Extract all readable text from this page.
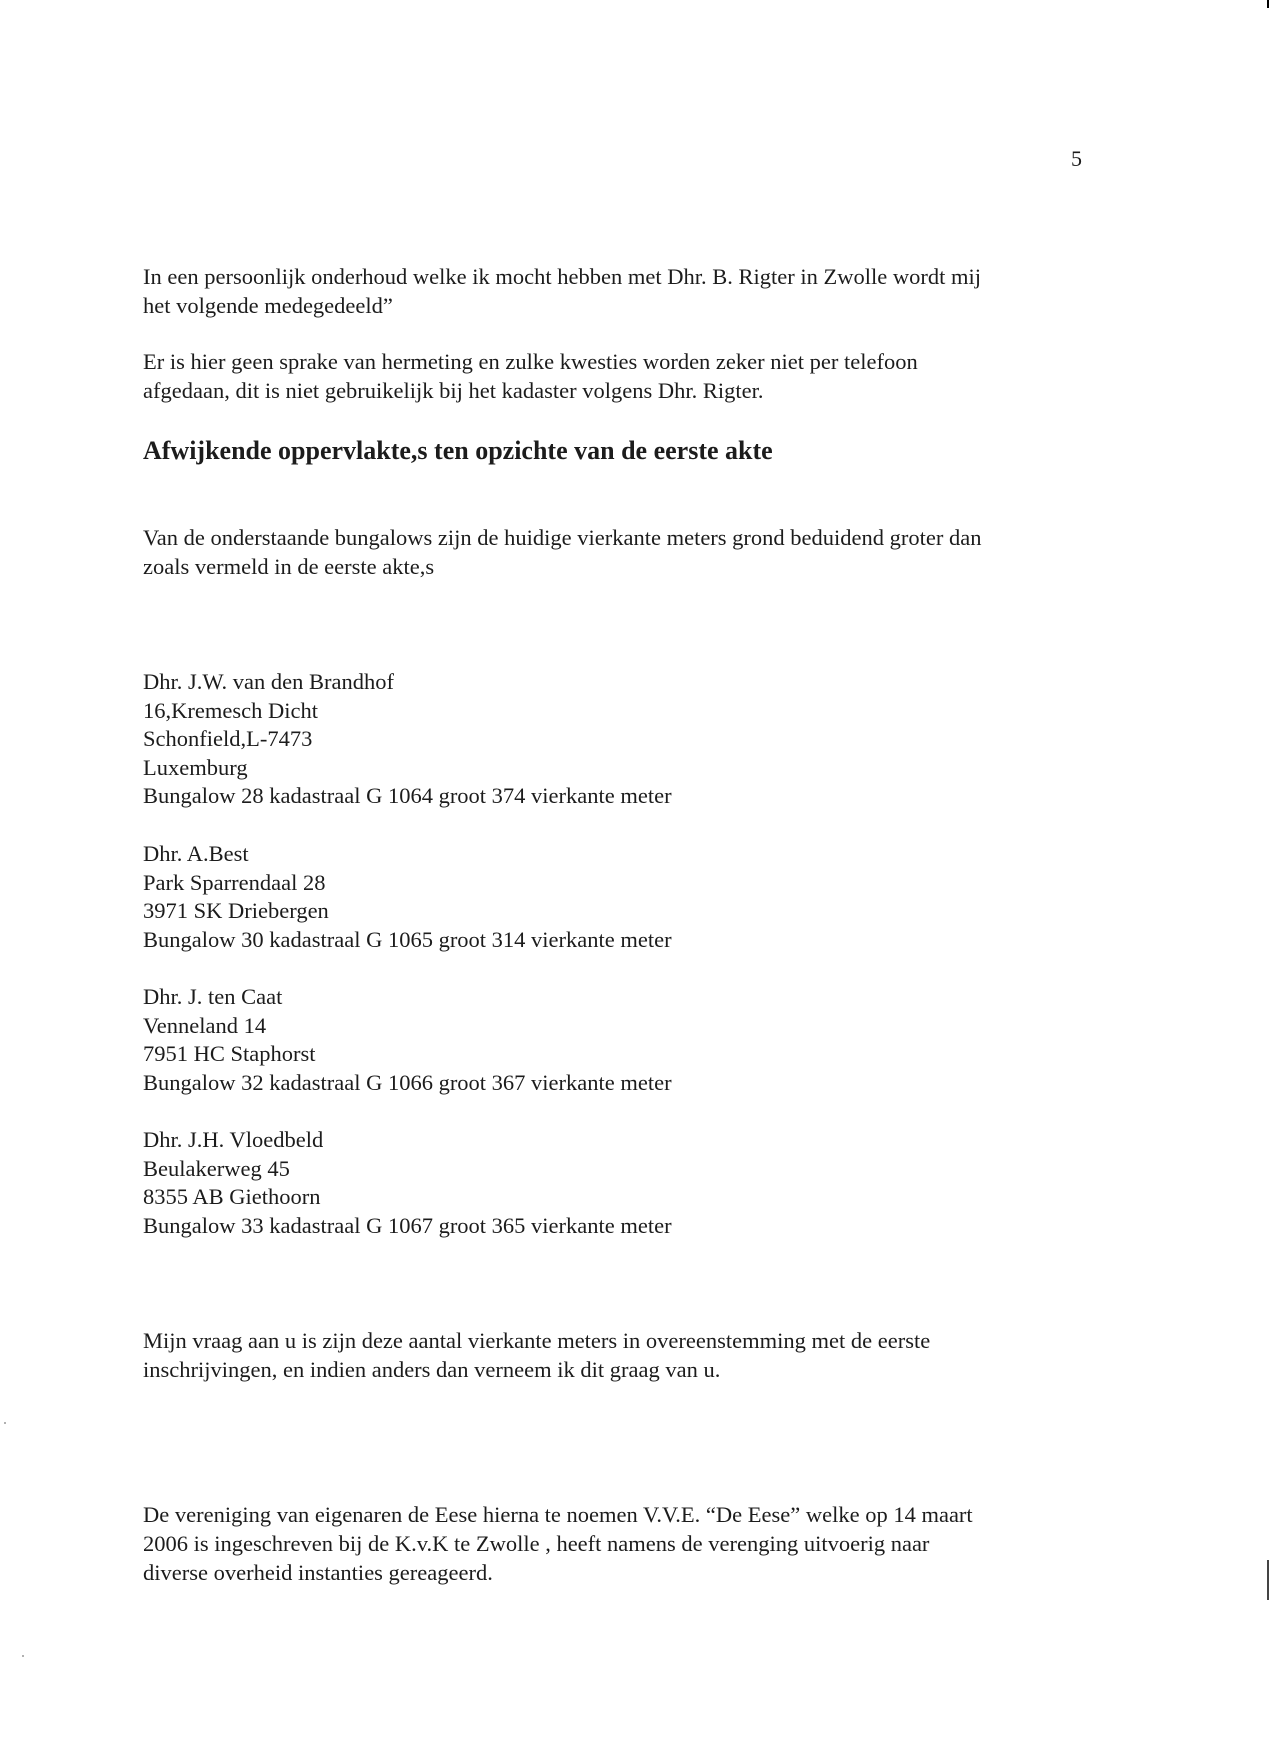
5

In een persoonlijk onderhoud welke ik mocht hebben met Dhr. B. Rigter in Zwolle wordt mij
het volgende medegedeeld”

Er is hier geen sprake van hermeting en zulke kwesties worden zeker niet per telefoon
afgedaan, dit is niet gebruikelijk bij het kadaster volgens Dhr. Rigter.

Afwijkende oppervlakte,s ten opzichte van de eerste akte

Van de onderstaande bungalows zijn de huidige vierkante meters grond beduidend groter dan
zoals vermeld in de eerste akte,s

Dhr. J.W. van den Brandhof
16,Kremesch Dicht
Schonfield,L-7473
Luxemburg
Bungalow 28 kadastraal G 1064 groot 374 vierkante meter
Dhr. A.Best
Park Sparrendaal 28
3971 SK Driebergen
Bungalow 30 kadastraal G 1065 groot 314 vierkante meter
Dhr. J. ten Caat
Venneland 14
7951 HC Staphorst
Bungalow 32 kadastraal G 1066 groot 367 vierkante meter
Dhr. J.H. Vloedbeld
Beulakerweg 45
8355 AB Giethoorn
Bungalow 33 kadastraal G 1067 groot 365 vierkante meter

Mijn vraag aan u is zijn deze aantal vierkante meters in overeenstemming met de eerste
inschrijvingen, en indien anders dan verneem ik dit graag van u.

De vereniging van eigenaren de Eese hierna te noemen V.V.E. “De Eese” welke op 14 maart
2006 is ingeschreven bij de K.v.K te Zwolle , heeft namens de verenging uitvoerig naar
diverse overheid instanties gereageerd.
